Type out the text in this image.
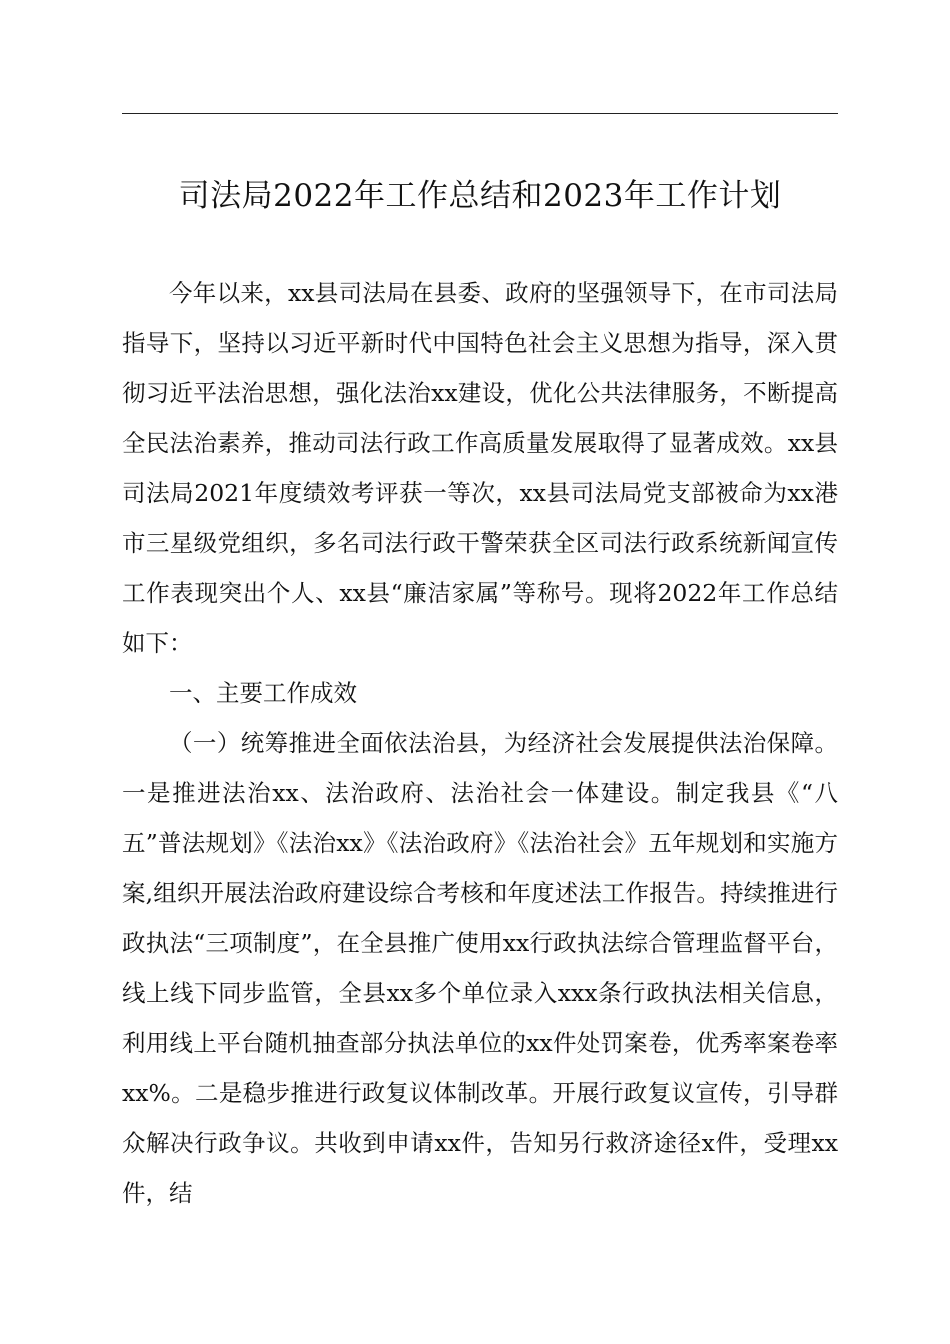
司法局2022年工作总结和2023年工作计划

今年以来，xx县司法局在县委、政府的坚强领导下，在市司法局指导下，坚持以习近平新时代中国特色社会主义思想为指导，深入贯彻习近平法治思想，强化法治xx建设，优化公共法律服务，不断提高全民法治素养，推动司法行政工作高质量发展取得了显著成效。xx县司法局2021年度绩效考评获一等次，xx县司法局党支部被命为xx港市三星级党组织，多名司法行政干警荣获全区司法行政系统新闻宣传工作表现突出个人、xx县“廉洁家属”等称号。现将2022年工作总结如下：

一、主要工作成效

（一）统筹推进全面依法治县，为经济社会发展提供法治保障。一是推进法治xx、法治政府、法治社会一体建设。制定我县《“八五”普法规划》《法治xx》《法治政府》《法治社会》五年规划和实施方案,组织开展法治政府建设综合考核和年度述法工作报告。持续推进行政执法“三项制度”，在全县推广使用xx行政执法综合管理监督平台，线上线下同步监管，全县xx多个单位录入xxx条行政执法相关信息，利用线上平台随机抽查部分执法单位的xx件处罚案卷，优秀率案卷率xx%。二是稳步推进行政复议体制改革。开展行政复议宣传，引导群众解决行政争议。共收到申请xx件，告知另行救济途径x件，受理xx件，结
